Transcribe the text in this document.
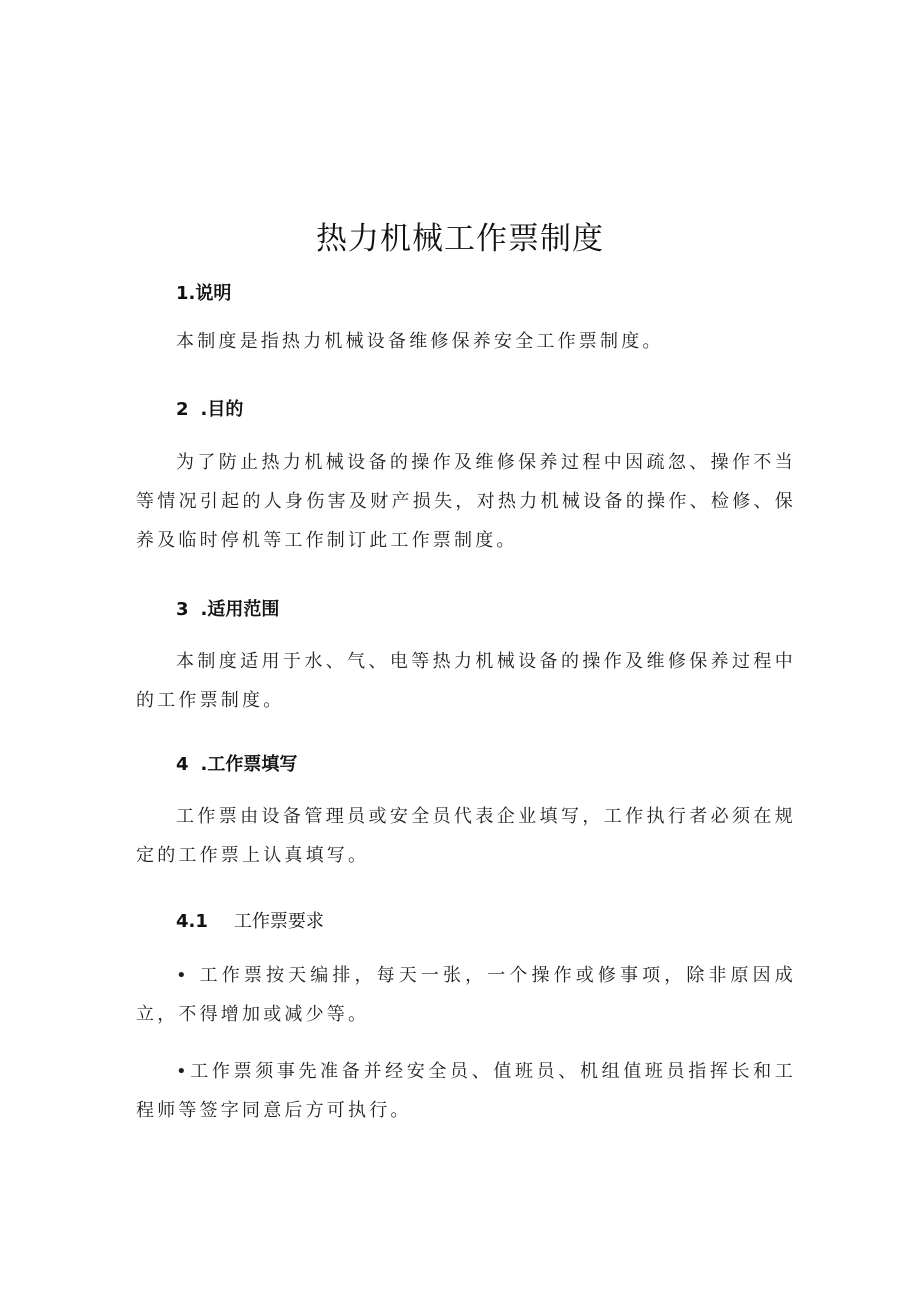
热力机械工作票制度
1.说明

本制度是指热力机械设备维修保养安全工作票制度。

2 .目的

为了防止热力机械设备的操作及维修保养过程中因疏忽、操作不当等情况引起的人身伤害及财产损失，对热力机械设备的操作、检修、保养及临时停机等工作制订此工作票制度。

3 .适用范围

本制度适用于水、气、电等热力机械设备的操作及维修保养过程中的工作票制度。

4 .工作票填写

工作票由设备管理员或安全员代表企业填写，工作执行者必须在规定的工作票上认真填写。

4.1 工作票要求

• 工作票按天编排，每天一张，一个操作或修事项，除非原因成立，不得增加或减少等。

•工作票须事先准备并经安全员、值班员、机组值班员指挥长和工程师等签字同意后方可执行。
